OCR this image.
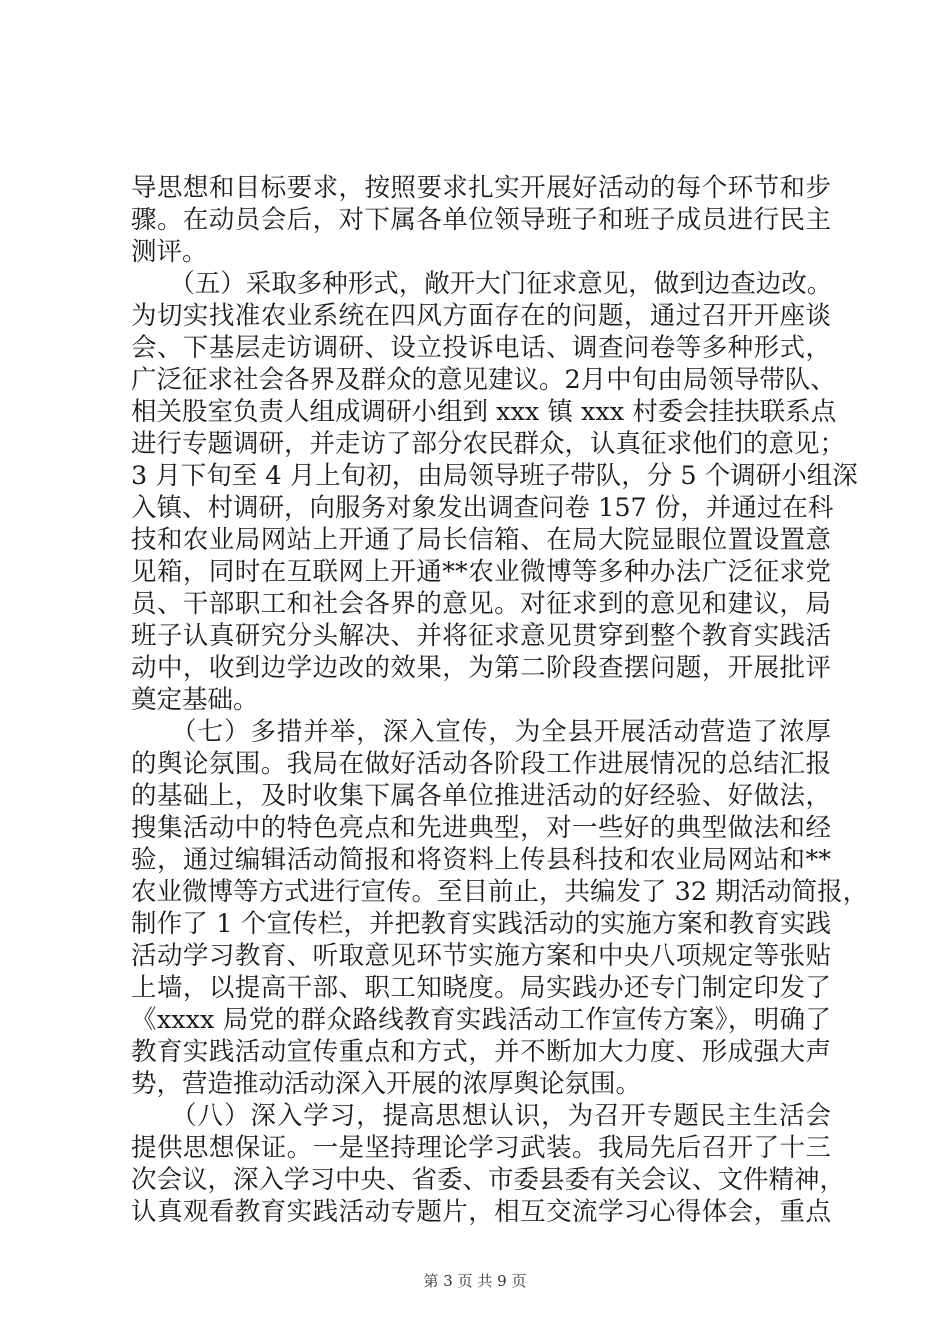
导思想和目标要求，按照要求扎实开展好活动的每个环节和步
骤。在动员会后，对下属各单位领导班子和班子成员进行民主
测评。
　　（五）采取多种形式，敞开大门征求意见，做到边查边改。
为切实找准农业系统在四风方面存在的问题，通过召开开座谈
会、下基层走访调研、设立投诉电话、调查问卷等多种形式，
广泛征求社会各界及群众的意见建议。2月中旬由局领导带队、
相关股室负责人组成调研小组到 xxx 镇 xxx 村委会挂扶联系点
进行专题调研，并走访了部分农民群众，认真征求他们的意见；
3 月下旬至 4 月上旬初，由局领导班子带队，分 5 个调研小组深
入镇、村调研，向服务对象发出调查问卷 157 份，并通过在科
技和农业局网站上开通了局长信箱、在局大院显眼位置设置意
见箱，同时在互联网上开通**农业微博等多种办法广泛征求党
员、干部职工和社会各界的意见。对征求到的意见和建议，局
班子认真研究分头解决、并将征求意见贯穿到整个教育实践活
动中，收到边学边改的效果，为第二阶段查摆问题，开展批评
奠定基础。
　　（七）多措并举，深入宣传，为全县开展活动营造了浓厚
的舆论氛围。我局在做好活动各阶段工作进展情况的总结汇报
的基础上，及时收集下属各单位推进活动的好经验、好做法，
搜集活动中的特色亮点和先进典型，对一些好的典型做法和经
验，通过编辑活动简报和将资料上传县科技和农业局网站和**
农业微博等方式进行宣传。至目前止，共编发了 32 期活动简报，
制作了 1 个宣传栏，并把教育实践活动的实施方案和教育实践
活动学习教育、听取意见环节实施方案和中央八项规定等张贴
上墙，以提高干部、职工知晓度。局实践办还专门制定印发了
《xxxx 局党的群众路线教育实践活动工作宣传方案》，明确了
教育实践活动宣传重点和方式，并不断加大力度、形成强大声
势，营造推动活动深入开展的浓厚舆论氛围。
　　（八）深入学习，提高思想认识，为召开专题民主生活会
提供思想保证。一是坚持理论学习武装。我局先后召开了十三
次会议，深入学习中央、省委、市委县委有关会议、文件精神，
认真观看教育实践活动专题片，相互交流学习心得体会，重点
第 3 页 共 9 页
